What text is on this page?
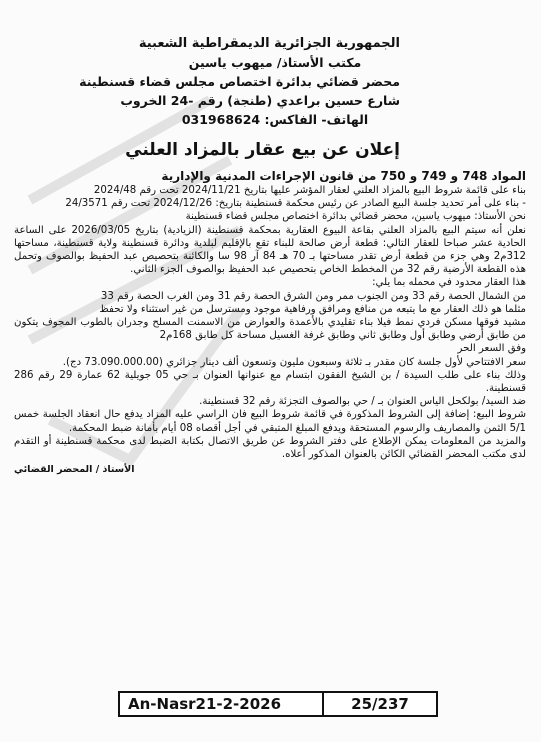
الجمهورية الجزائرية الديمقراطية الشعبية
مكتب الأستاذ/ ميهوب ياسين
محضر قضائي بدائرة اختصاص مجلس قضاء قسنطينة
شارع حسين براعدي (طنجة) رقم -24 الخروب
الهاتف- الفاكس: 031968624
إعلان عن بيع عقار بالمزاد العلني

المواد 748 و 749 و 750 من قانون الإجراءات المدنية والإدارية

بناء على قائمة شروط البيع بالمزاد العلني لعقار المؤشر عليها بتاريخ 2024/11/21 تحت رقم 2024/48

- بناء على أمر تحديد جلسة البيع الصادر عن رئيس محكمة قسنطينة بتاريخ: 2024/12/26 تحت رقم 24/3571

نحن الأستاذ: ميهوب ياسين، محضر قضائي بدائرة اختصاص مجلس قضاء قسنطينة

نعلن أنه سيتم البيع بالمزاد العلني بقاعة البيوع العقارية بمحكمة قسنطينة (الزيادية) بتاريخ 2026/03/05 على الساعة الحادية عشر صباحا للعقار التالي: قطعة أرض صالحة للبناء تقع بالإقليم لبلدية ودائرة قسنطينة ولاية قسنطينة، مساحتها 312م2 وهي جزء من قطعة أرض تقدر مساحتها بـ 70 هـ 84 آر 98 سا والكائنة بتحصيص عبد الحفيظ بوالصوف وتحمل هذه القطعة الأرضية رقم 32 من المخطط الخاص بتحصيص عبد الحفيظ بوالصوف الجزء الثاني.

هذا العقار محدود في محمله بما يلي:

من الشمال الحصة رقم 33 ومن الجنوب ممر ومن الشرق الحصة رقم 31 ومن الغرب الحصة رقم 33

مثلما هو ذلك العقار مع ما يتبعه من منافع ومرافق ورفاهية موجود ومسترسل من غير استثناء ولا تحفظ

مشيد فوقها مسكن فردي نمط فيلا بناء تقليدي بالأعمدة والعوارض من الاسمنت المسلح وجدران بالطوب المجوف يتكون من طابق أرضي وطابق أول وطابق ثاني وطابق غرفة الغسيل مساحة كل طابق 168م2

وفق السعر الحر

سعر الافتتاحي لأول جلسة كان مقدر بـ ثلاثة وسبعون مليون وتسعون ألف دينار جزائري (73.090.000.00 دج).

وذلك بناء على طلب السيدة / بن الشيخ الفقون ابتسام مع عنوانها العنوان بـ حي 05 جويلية 62 عمارة 29 رقم 286 قسنطينة.

ضد السيد/ بولكحل الياس العنوان بـ / حي بوالصوف التجزئة رقم 32 قسنطينة.

شروط البيع: إضافة إلى الشروط المذكورة في قائمة شروط البيع فان الراسي عليه المزاد يدفع حال انعقاد الجلسة خمس 5/1 الثمن والمصاريف والرسوم المستحقة ويدفع المبلغ المتبقي في أجل أقصاه 08 أيام بأمانة ضبط المحكمة.

والمزيد من المعلومات يمكن الإطلاع على دفتر الشروط عن طريق الاتصال بكتابة الضبط لدى محكمة قسنطينة أو التقدم لدى مكتب المحضر القضائي الكائن بالعنوان المذكور أعلاه.

الأستاذ / المحضر القضائي

An-Nasr21-2-2026	25/237
